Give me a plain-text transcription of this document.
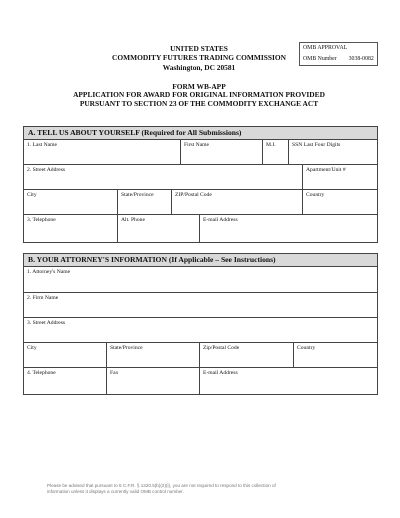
UNITED STATES
COMMODITY FUTURES TRADING COMMISSION
Washington, DC 20581
OMB APPROVAL
OMB Number 3038-0082
FORM WB-APP
APPLICATION FOR AWARD FOR ORIGINAL INFORMATION PROVIDED
PURSUANT TO SECTION 23 OF THE COMMODITY EXCHANGE ACT
A. TELL US ABOUT YOURSELF (Required for All Submissions)
1. Last Name	First Name	M.I.	SSN Last Four Digits
2. Street Address	Apartment/Unit #
City	State/Province	ZIP/Postal Code	Country
3. Telephone	Alt. Phone	E-mail Address
B. YOUR ATTORNEY'S INFORMATION (If Applicable – See Instructions)
1. Attorney's Name
2. Firm Name
3. Street Address
City	State/Province	Zip/Postal Code	Country
4. Telephone	Fax	E-mail Address
Please be advised that pursuant to 5 C.F.R. § 1320.5(b)(2)(i), you are not required to respond to this collection of
information unless it displays a currently valid OMB control number.
